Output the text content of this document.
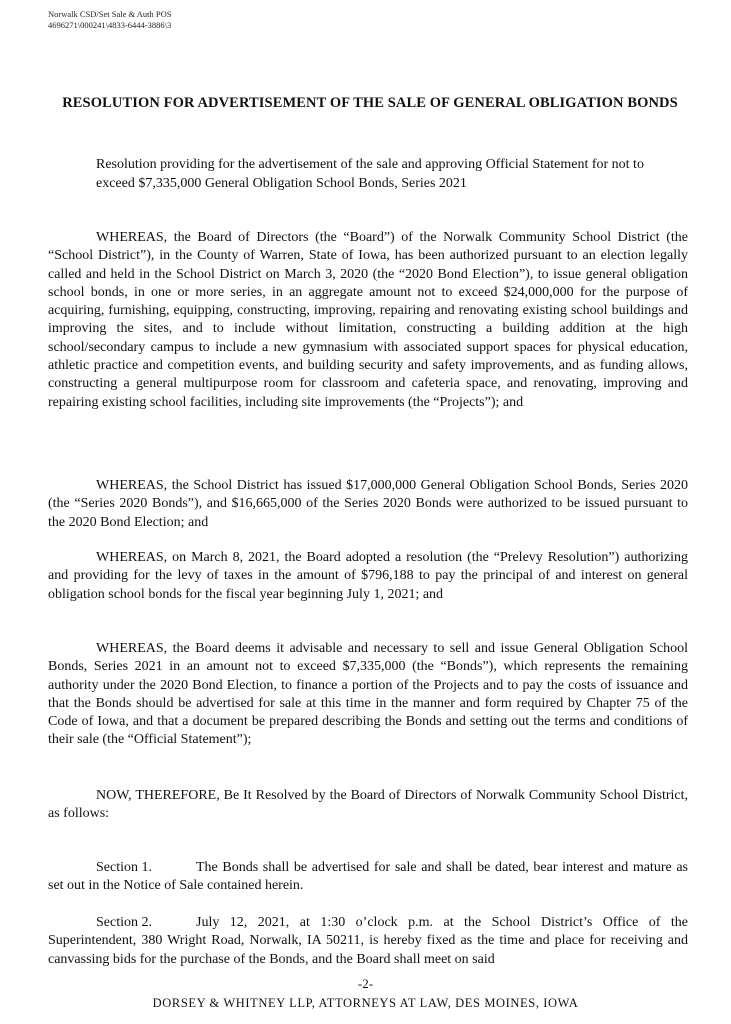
Norwalk CSD/Set Sale & Auth POS
4696271\000241\4833-6444-3886\3
RESOLUTION FOR ADVERTISEMENT OF THE SALE OF GENERAL OBLIGATION BONDS
Resolution providing for the advertisement of the sale and approving Official Statement for not to exceed $7,335,000 General Obligation School Bonds, Series 2021
WHEREAS, the Board of Directors (the “Board”) of the Norwalk Community School District (the “School District”), in the County of Warren, State of Iowa, has been authorized pursuant to an election legally called and held in the School District on March 3, 2020 (the “2020 Bond Election”), to issue general obligation school bonds, in one or more series, in an aggregate amount not to exceed $24,000,000 for the purpose of acquiring, furnishing, equipping, constructing, improving, repairing and renovating existing school buildings and improving the sites, and to include without limitation, constructing a building addition at the high school/secondary campus to include a new gymnasium with associated support spaces for physical education, athletic practice and competition events, and building security and safety improvements, and as funding allows, constructing a general multipurpose room for classroom and cafeteria space, and renovating, improving and repairing existing school facilities, including site improvements (the “Projects”); and
WHEREAS, the School District has issued $17,000,000 General Obligation School Bonds, Series 2020 (the “Series 2020 Bonds”), and $16,665,000 of the Series 2020 Bonds were authorized to be issued pursuant to the 2020 Bond Election; and
WHEREAS, on March 8, 2021, the Board adopted a resolution (the “Prelevy Resolution”) authorizing and providing for the levy of taxes in the amount of $796,188 to pay the principal of and interest on general obligation school bonds for the fiscal year beginning July 1, 2021; and
WHEREAS, the Board deems it advisable and necessary to sell and issue General Obligation School Bonds, Series 2021 in an amount not to exceed $7,335,000 (the “Bonds”), which represents the remaining authority under the 2020 Bond Election, to finance a portion of the Projects and to pay the costs of issuance and that the Bonds should be advertised for sale at this time in the manner and form required by Chapter 75 of the Code of Iowa, and that a document be prepared describing the Bonds and setting out the terms and conditions of their sale (the “Official Statement”);
NOW, THEREFORE, Be It Resolved by the Board of Directors of Norwalk Community School District, as follows:
Section 1.	The Bonds shall be advertised for sale and shall be dated, bear interest and mature as set out in the Notice of Sale contained herein.
Section 2.	July 12, 2021, at 1:30 o’clock p.m. at the School District’s Office of the Superintendent, 380 Wright Road, Norwalk, IA 50211, is hereby fixed as the time and place for receiving and canvassing bids for the purchase of the Bonds, and the Board shall meet on said
-2-
DORSEY & WHITNEY LLP, ATTORNEYS AT LAW, DES MOINES, IOWA
